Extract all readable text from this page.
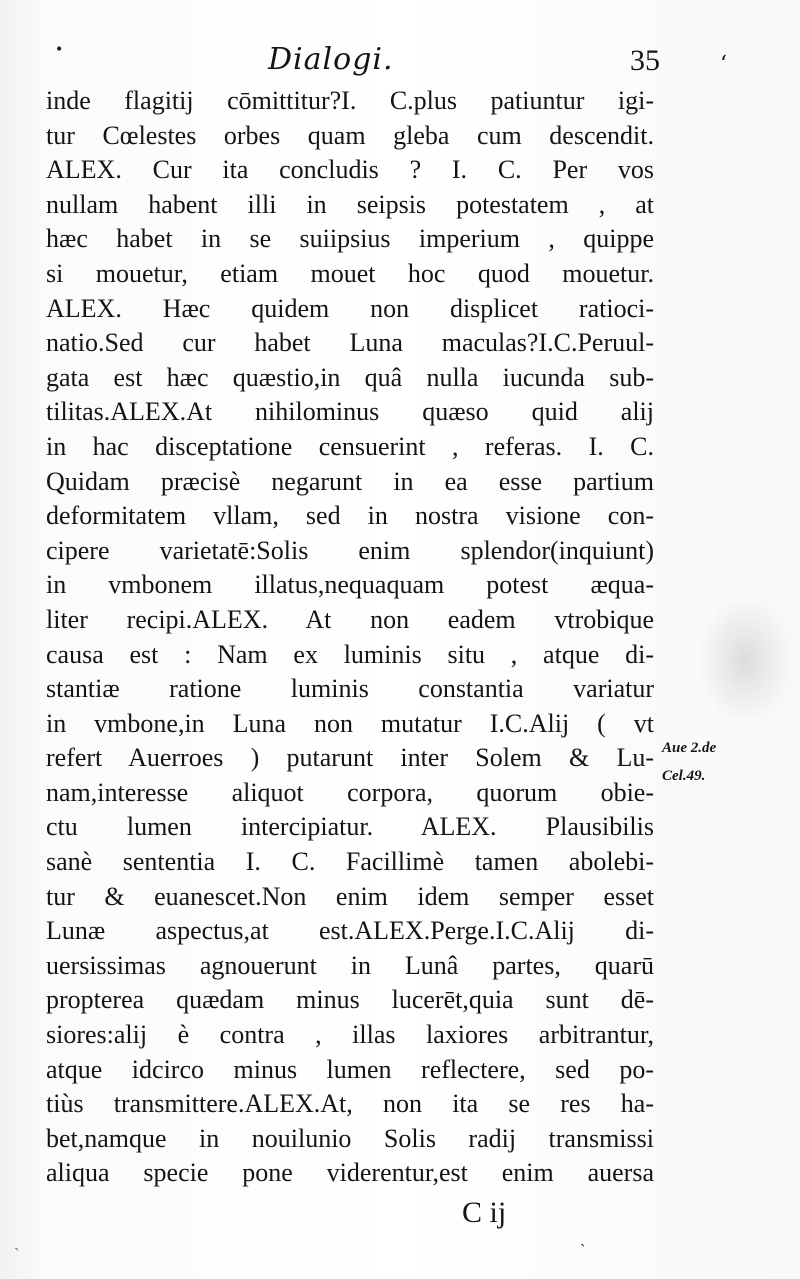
•	Dialogi.	35	ʻ
inde flagitij cōmittitur?I. C.plus patiuntur igi-
tur Cœlestes orbes quam gleba cum descendit.
ALEX. Cur ita concludis ? I. C. Per vos
nullam habent illi in seipsis potestatem , at
hæc habet in se suiipsius imperium , quippe
si mouetur, etiam mouet hoc quod mouetur.
ALEX. Hæc quidem non displicet ratioci-
natio.Sed cur habet Luna maculas?I.C.Peruul-
gata est hæc quæstio,in quâ nulla iucunda sub-
tilitas.ALEX.At nihilominus quæso quid alij
in hac disceptatione censuerint , referas. I. C.
Quidam præcisè negarunt in ea esse partium
deformitatem vllam, sed in nostra visione con-
cipere varietatē:Solis enim splendor(inquiunt)
in vmbonem illatus,nequaquam potest æqua-
liter recipi.ALEX. At non eadem vtrobique
causa est : Nam ex luminis situ , atque di-
stantiæ ratione luminis constantia variatur
in vmbone,in Luna non mutatur I.C.Alij ( vt
refert Auerroes ) putarunt inter Solem & Lu-
nam,interesse aliquot corpora, quorum obie-
ctu lumen intercipiatur. ALEX. Plausibilis
sanè sententia I. C. Facillimè tamen abolebi-
tur & euanescet.Non enim idem semper esset
Lunæ aspectus,at est.ALEX.Perge.I.C.Alij di-
uersissimas agnouerunt in Lunâ partes, quarū
propterea quædam minus lucerēt,quia sunt dē-
siores:alij è contra , illas laxiores arbitrantur,
atque idcirco minus lumen reflectere, sed po-
tiùs transmittere.ALEX.At, non ita se res ha-
bet,namque in nouilunio Solis radij transmissi
aliqua specie pone viderentur,est enim auersa
Aue 2.de
Cel.49.
C ij
ˏ
ˎ
